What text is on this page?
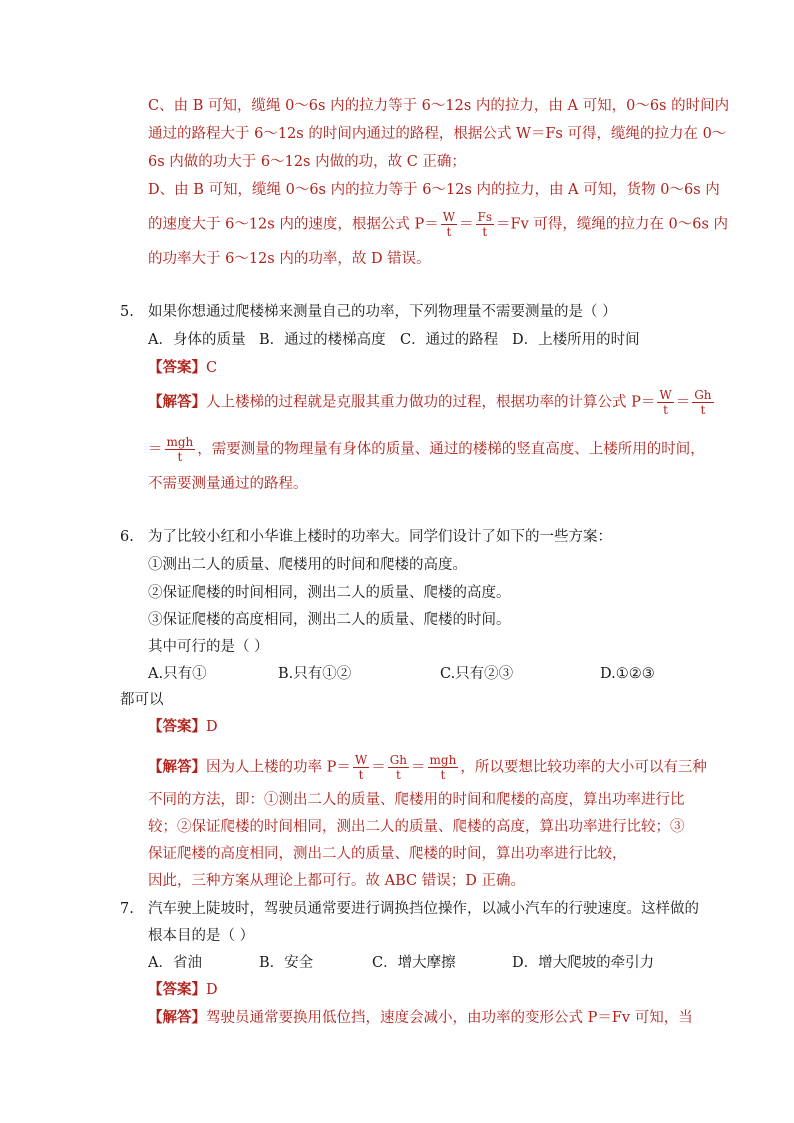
C、由 B 可知，缆绳 0～6s 内的拉力等于 6～12s 内的拉力，由 A 可知，0～6s 的时间内
通过的路程大于 6～12s 的时间内通过的路程，根据公式 W＝Fs 可得，缆绳的拉力在 0～
6s 内做的功大于 6～12s 内做的功，故 C 正确；
D、由 B 可知，缆绳 0～6s 内的拉力等于 6～12s 内的拉力，由 A 可知，货物 0～6s 内
的速度大于 6～12s 内的速度，根据公式 $P= \frac{W}{t} = \frac{Fs}{t} =Fv$ 可得，缆绳的拉力在 0～6s 内
的功率大于 6～12s 内的功率，故 D 错误。
5. 如果你想通过爬楼梯来测量自己的功率，下列物理量不需要测量的是（ ）
A．身体的质量 B．通过的楼梯高度 C．通过的路程 D．上楼所用的时间
【答案】C
【解答】人上楼梯的过程就是克服其重力做功的过程，根据功率的计算公式 $P= \frac{W}{t} = \frac{Gh}{t}$
＝ $\frac{\text{mgh}}{t}$ ，需要测量的物理量有身体的质量、通过的楼梯的竖直高度、上楼所用的时间，
不需要测量通过的路程。
6. 为了比较小红和小华谁上楼时的功率大。同学们设计了如下的一些方案：
①测出二人的质量、爬楼用的时间和爬楼的高度。
②保证爬楼的时间相同，测出二人的质量、爬楼的高度。
③保证爬楼的高度相同，测出二人的质量、爬楼的时间。
其中可行的是（ ）
A.只有①	B.只有①②	C.只有②③	D.①②③
都可以
【答案】D
【解答】因为人上楼的功率 $P= \frac{W}{t} = \frac{Gh}{t} = \frac{\text{mgh}}{t}$ ，所以要想比较功率的大小可以有三种
不同的方法，即：①测出二人的质量、爬楼用的时间和爬楼的高度，算出功率进行比
较；②保证爬楼的时间相同，测出二人的质量、爬楼的高度，算出功率进行比较；③
保证爬楼的高度相同，测出二人的质量、爬楼的时间，算出功率进行比较，
因此，三种方案从理论上都可行。故 ABC 错误；D 正确。
7. 汽车驶上陡坡时，驾驶员通常要进行调换挡位操作，以减小汽车的行驶速度。这样做的
根本目的是（ ）
A．省油	B．安全	C．增大摩擦	D．增大爬坡的牵引力
【答案】D
【解答】驾驶员通常要换用低位挡，速度会减小，由功率的变形公式 P＝Fv 可知，当
